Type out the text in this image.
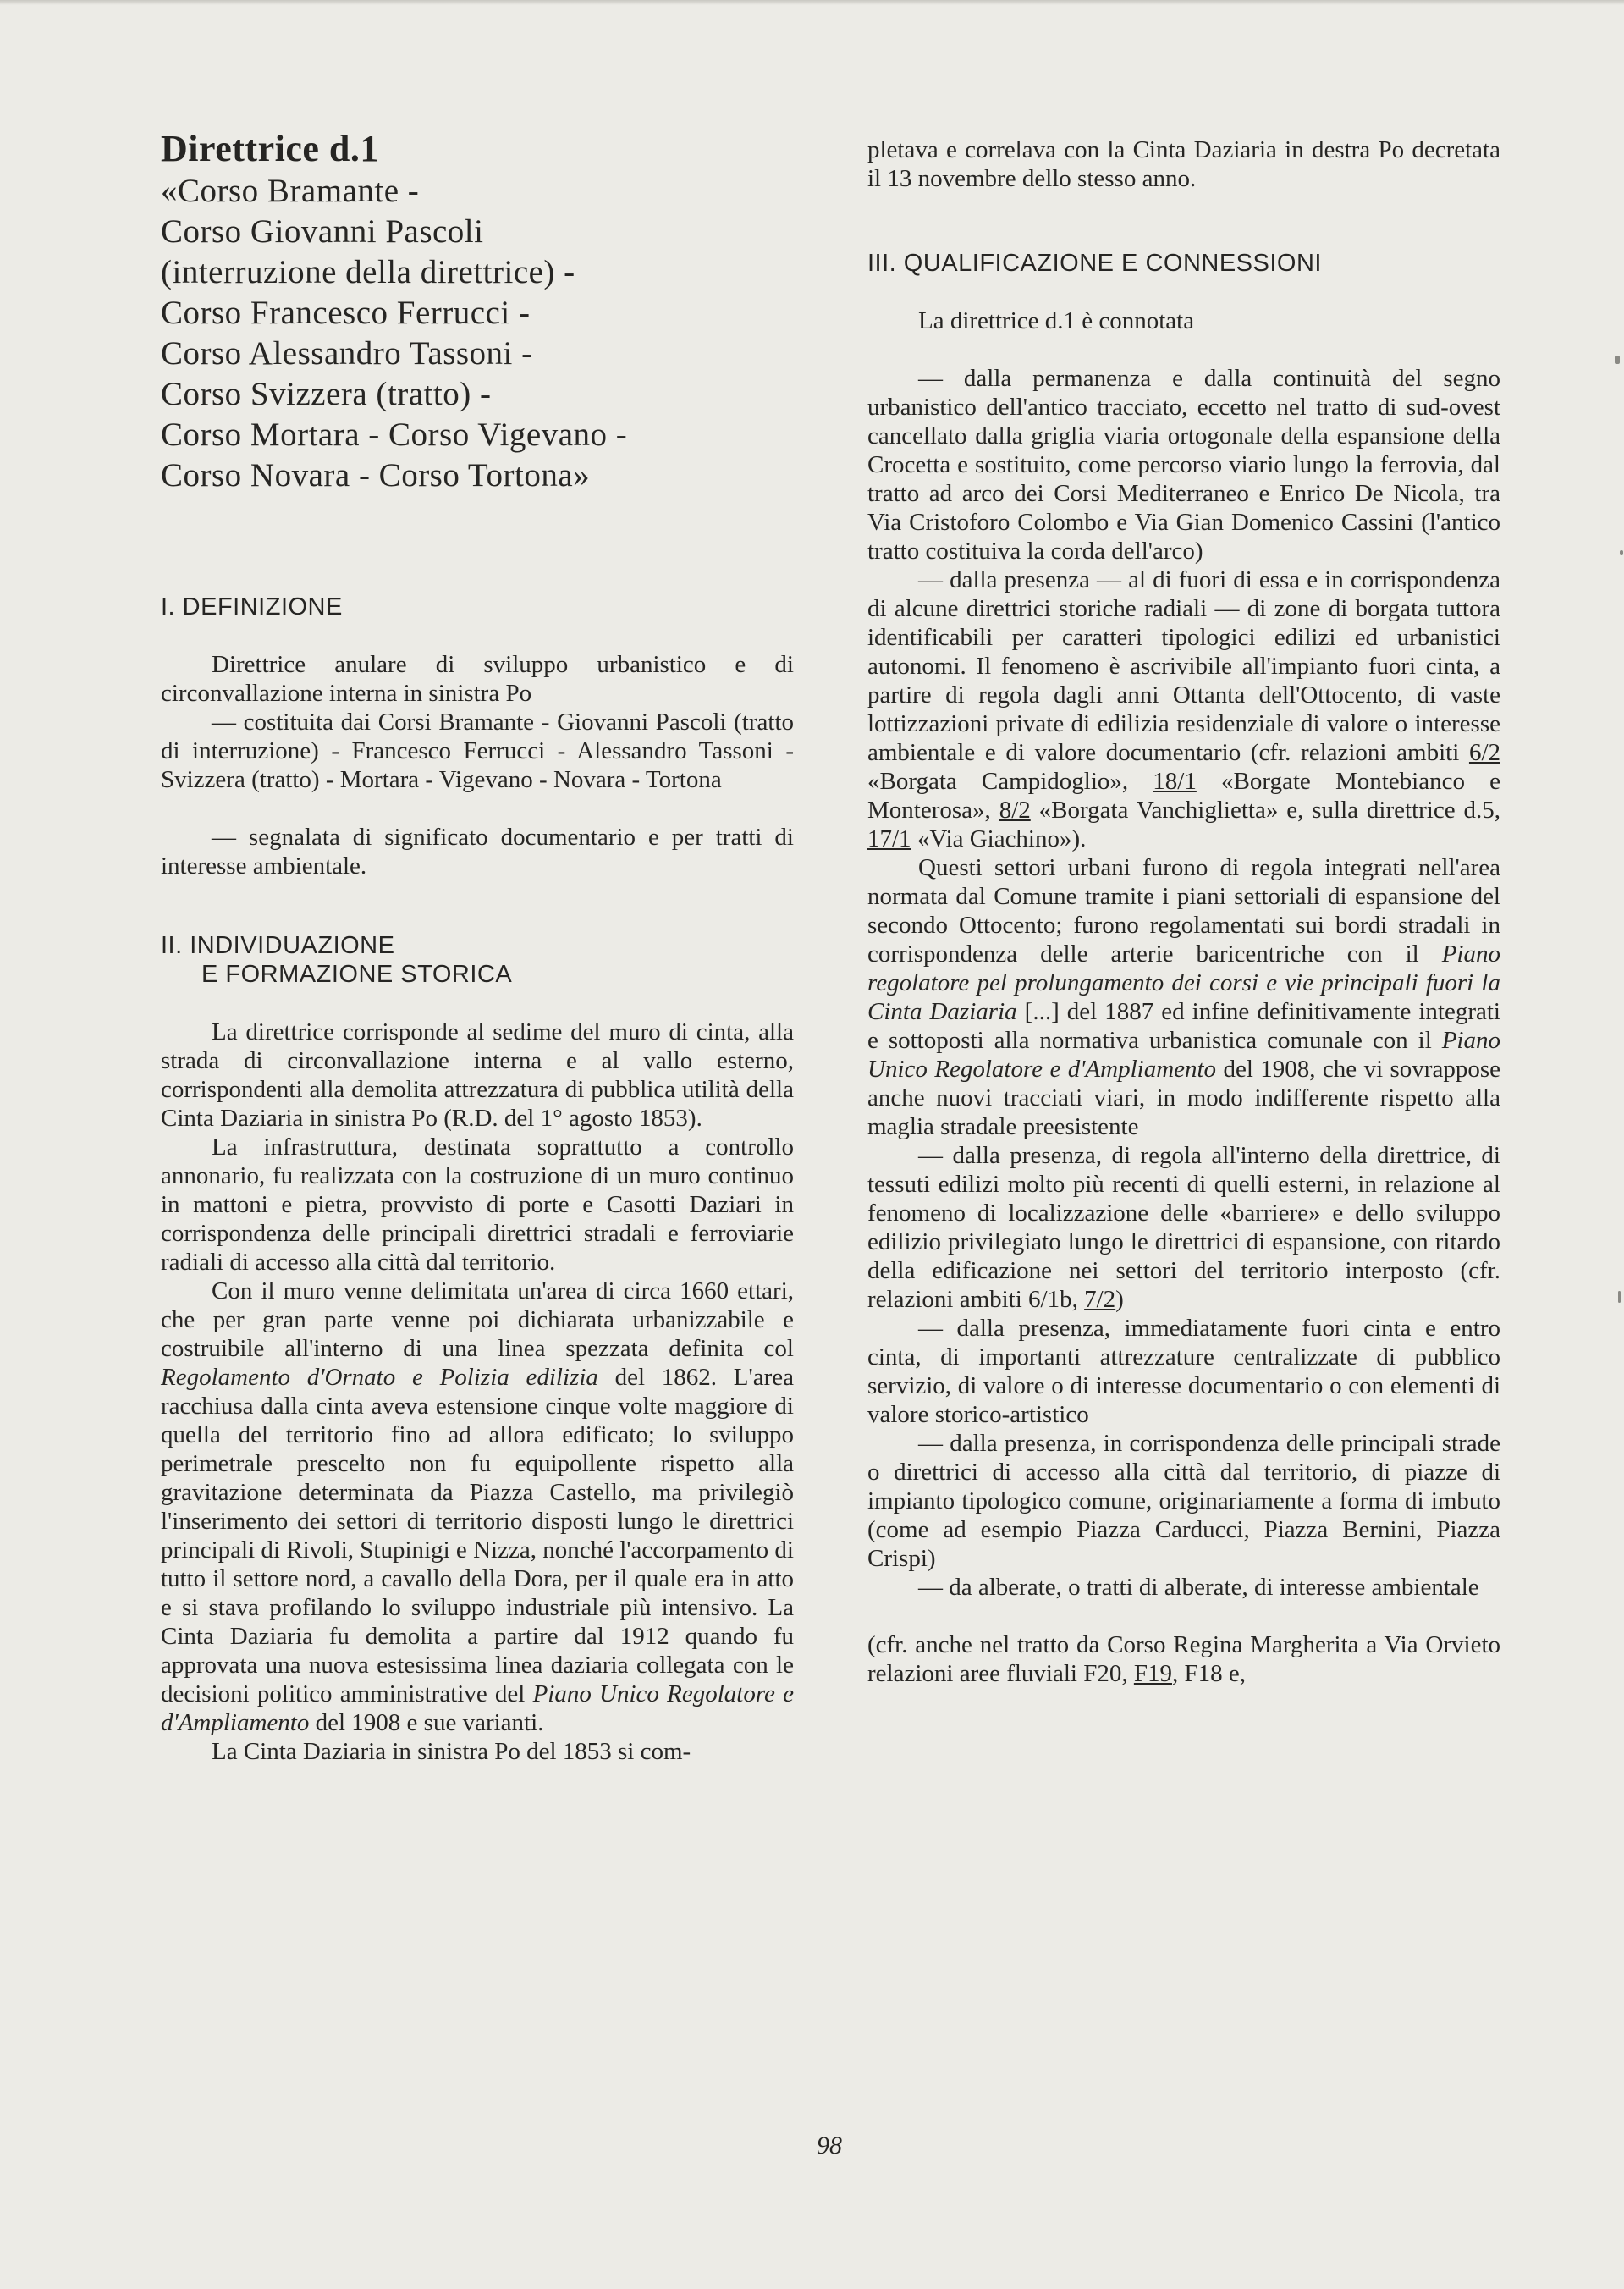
Direttrice d.1
«Corso Bramante -
Corso Giovanni Pascoli
(interruzione della direttrice) -
Corso Francesco Ferrucci -
Corso Alessandro Tassoni -
Corso Svizzera (tratto) -
Corso Mortara - Corso Vigevano -
Corso Novara - Corso Tortona»
I. DEFINIZIONE

Direttrice anulare di sviluppo urbanistico e di circonvallazione interna in sinistra Po

— costituita dai Corsi Bramante - Giovanni Pascoli (tratto di interruzione) - Francesco Ferrucci - Alessandro Tassoni - Svizzera (tratto) - Mortara - Vigevano - Novara - Tortona

— segnalata di significato documentario e per tratti di interesse ambientale.

II. INDIVIDUAZIONE
E FORMAZIONE STORICA

La direttrice corrisponde al sedime del muro di cinta, alla strada di circonvallazione interna e al vallo esterno, corrispondenti alla demolita attrezzatura di pubblica utilità della Cinta Daziaria in sinistra Po (R.D. del 1° agosto 1853).

La infrastruttura, destinata soprattutto a controllo annonario, fu realizzata con la costruzione di un muro continuo in mattoni e pietra, provvisto di porte e Casotti Daziari in corrispondenza delle principali direttrici stradali e ferroviarie radiali di accesso alla città dal territorio.

Con il muro venne delimitata un'area di circa 1660 ettari, che per gran parte venne poi dichiarata urbanizzabile e costruibile all'interno di una linea spezzata definita col Regolamento d'Ornato e Polizia edilizia del 1862. L'area racchiusa dalla cinta aveva estensione cinque volte maggiore di quella del territorio fino ad allora edificato; lo sviluppo perimetrale prescelto non fu equipollente rispetto alla gravitazione determinata da Piazza Castello, ma privilegiò l'inserimento dei settori di territorio disposti lungo le direttrici principali di Rivoli, Stupinigi e Nizza, nonché l'accorpamento di tutto il settore nord, a cavallo della Dora, per il quale era in atto e si stava profilando lo sviluppo industriale più intensivo. La Cinta Daziaria fu demolita a partire dal 1912 quando fu approvata una nuova estesissima linea daziaria collegata con le decisioni politico amministrative del Piano Unico Regolatore e d'Ampliamento del 1908 e sue varianti.

La Cinta Daziaria in sinistra Po del 1853 si com-

pletava e correlava con la Cinta Daziaria in destra Po decretata il 13 novembre dello stesso anno.

III. QUALIFICAZIONE E CONNESSIONI

La direttrice d.1 è connotata

— dalla permanenza e dalla continuità del segno urbanistico dell'antico tracciato, eccetto nel tratto di sud-ovest cancellato dalla griglia viaria ortogonale della espansione della Crocetta e sostituito, come percorso viario lungo la ferrovia, dal tratto ad arco dei Corsi Mediterraneo e Enrico De Nicola, tra Via Cristoforo Colombo e Via Gian Domenico Cassini (l'antico tratto costituiva la corda dell'arco)

— dalla presenza — al di fuori di essa e in corrispondenza di alcune direttrici storiche radiali — di zone di borgata tuttora identificabili per caratteri tipologici edilizi ed urbanistici autonomi. Il fenomeno è ascrivibile all'impianto fuori cinta, a partire di regola dagli anni Ottanta dell'Ottocento, di vaste lottizzazioni private di edilizia residenziale di valore o interesse ambientale e di valore documentario (cfr. relazioni ambiti 6/2 «Borgata Campidoglio», 18/1 «Borgate Montebianco e Monterosa», 8/2 «Borgata Vanchiglietta» e, sulla direttrice d.5, 17/1 «Via Giachino»).

Questi settori urbani furono di regola integrati nell'area normata dal Comune tramite i piani settoriali di espansione del secondo Ottocento; furono regolamentati sui bordi stradali in corrispondenza delle arterie baricentriche con il Piano regolatore pel prolungamento dei corsi e vie principali fuori la Cinta Daziaria [...] del 1887 ed infine definitivamente integrati e sottoposti alla normativa urbanistica comunale con il Piano Unico Regolatore e d'Ampliamento del 1908, che vi sovrappose anche nuovi tracciati viari, in modo indifferente rispetto alla maglia stradale preesistente

— dalla presenza, di regola all'interno della direttrice, di tessuti edilizi molto più recenti di quelli esterni, in relazione al fenomeno di localizzazione delle «barriere» e dello sviluppo edilizio privilegiato lungo le direttrici di espansione, con ritardo della edificazione nei settori del territorio interposto (cfr. relazioni ambiti 6/1b, 7/2)

— dalla presenza, immediatamente fuori cinta e entro cinta, di importanti attrezzature centralizzate di pubblico servizio, di valore o di interesse documentario o con elementi di valore storico-artistico

— dalla presenza, in corrispondenza delle principali strade o direttrici di accesso alla città dal territorio, di piazze di impianto tipologico comune, originariamente a forma di imbuto (come ad esempio Piazza Carducci, Piazza Bernini, Piazza Crispi)

— da alberate, o tratti di alberate, di interesse ambientale

(cfr. anche nel tratto da Corso Regina Margherita a Via Orvieto relazioni aree fluviali F20, F19, F18 e,

98
